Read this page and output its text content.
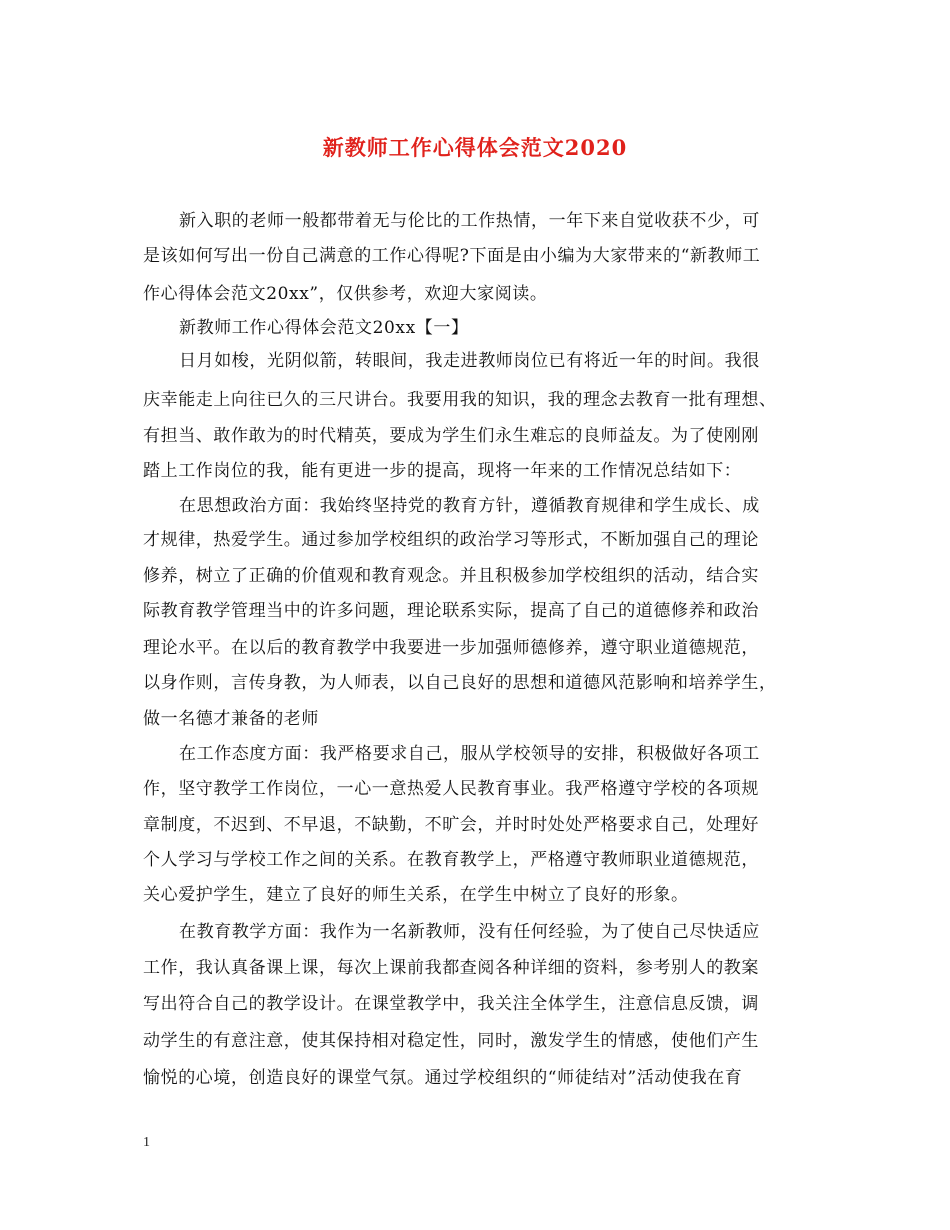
新教师工作心得体会范文2020
新入职的老师一般都带着无与伦比的工作热情，一年下来自觉收获不少，可
是该如何写出一份自己满意的工作心得呢?下面是由小编为大家带来的“新教师工
作心得体会范文20xx”，仅供参考，欢迎大家阅读。
新教师工作心得体会范文20xx【一】
日月如梭，光阴似箭，转眼间，我走进教师岗位已有将近一年的时间。我很
庆幸能走上向往已久的三尺讲台。我要用我的知识，我的理念去教育一批有理想、
有担当、敢作敢为的时代精英，要成为学生们永生难忘的良师益友。为了使刚刚
踏上工作岗位的我，能有更进一步的提高，现将一年来的工作情况总结如下：
在思想政治方面：我始终坚持党的教育方针，遵循教育规律和学生成长、成
才规律，热爱学生。通过参加学校组织的政治学习等形式，不断加强自己的理论
修养，树立了正确的价值观和教育观念。并且积极参加学校组织的活动，结合实
际教育教学管理当中的许多问题，理论联系实际，提高了自己的道德修养和政治
理论水平。在以后的教育教学中我要进一步加强师德修养，遵守职业道德规范，
以身作则，言传身教，为人师表，以自己良好的思想和道德风范影响和培养学生，
做一名德才兼备的老师
在工作态度方面：我严格要求自己，服从学校领导的安排，积极做好各项工
作，坚守教学工作岗位，一心一意热爱人民教育事业。我严格遵守学校的各项规
章制度，不迟到、不早退，不缺勤，不旷会，并时时处处严格要求自己，处理好
个人学习与学校工作之间的关系。在教育教学上，严格遵守教师职业道德规范，
关心爱护学生，建立了良好的师生关系，在学生中树立了良好的形象。
在教育教学方面：我作为一名新教师，没有任何经验，为了使自己尽快适应
工作，我认真备课上课，每次上课前我都查阅各种详细的资料，参考别人的教案
写出符合自己的教学设计。在课堂教学中，我关注全体学生，注意信息反馈，调
动学生的有意注意，使其保持相对稳定性，同时，激发学生的情感，使他们产生
愉悦的心境，创造良好的课堂气氛。通过学校组织的“师徒结对”活动使我在育
1
